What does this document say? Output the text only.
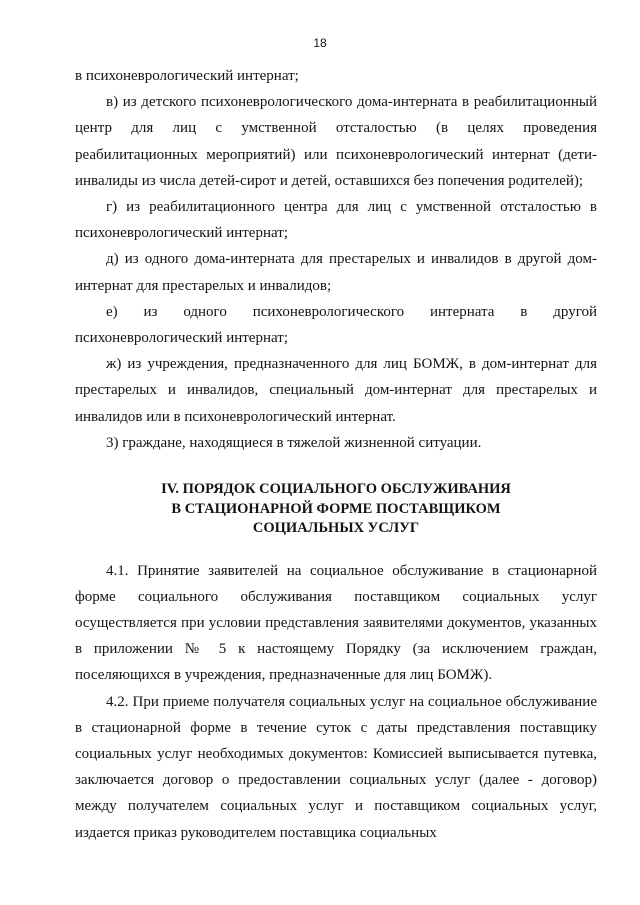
18

в психоневрологический интернат;

в) из детского психоневрологического дома-интерната в реабилитационный центр для лиц с умственной отсталостью (в целях проведения реабилитационных мероприятий) или психоневрологический интернат (дети-инвалиды из числа детей-сирот и детей, оставшихся без попечения родителей);

г) из реабилитационного центра для лиц с умственной отсталостью в психоневрологический интернат;

д) из одного дома-интерната для престарелых и инвалидов в другой дом-интернат для престарелых и инвалидов;

е) из одного психоневрологического интерната в другой психоневрологический интернат;

ж) из учреждения, предназначенного для лиц БОМЖ, в дом-интернат для престарелых и инвалидов, специальный дом-интернат для престарелых и инвалидов или в психоневрологический интернат.

3) граждане, находящиеся в тяжелой жизненной ситуации.

IV. ПОРЯДОК СОЦИАЛЬНОГО ОБСЛУЖИВАНИЯ
В СТАЦИОНАРНОЙ ФОРМЕ ПОСТАВЩИКОМ
СОЦИАЛЬНЫХ УСЛУГ

4.1. Принятие заявителей на социальное обслуживание в стационарной форме социального обслуживания поставщиком социальных услуг осуществляется при условии представления заявителями документов, указанных в приложении № 5 к настоящему Порядку (за исключением граждан, поселяющихся в учреждения, предназначенные для лиц БОМЖ).

4.2. При приеме получателя социальных услуг на социальное обслуживание в стационарной форме в течение суток с даты представления поставщику социальных услуг необходимых документов: Комиссией выписывается путевка, заключается договор о предоставлении социальных услуг (далее - договор) между получателем социальных услуг и поставщиком социальных услуг, издается приказ руководителем поставщика социальных
